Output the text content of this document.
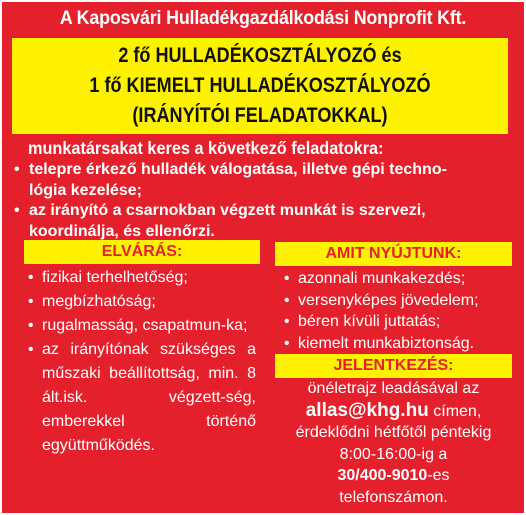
A Kaposvári Hulladékgazdálkodási Nonprofit Kft.
2 fő HULLADÉKOSZTÁLYOZÓ és
1 fő KIEMELT HULLADÉKOSZTÁLYOZÓ
(IRÁNYÍTÓI FELADATOKKAL)
munkatársakat keres a következő feladatokra:
• telepre érkező hulladék válogatása, illetve gépi techno-
lógia kezelése;
• az irányító a csarnokban végzett munkát is szervezi,
koordinálja, és ellenőrzi.
ELVÁRÁS:
• fizikai terhelhetőség;
• megbízhatóság;
• rugalmasság, csapatmun-ka;
• az irányítónak szükséges a műszaki beállítottság, min. 8 ált.isk. végzett-ség, emberekkel történő együttműködés.
AMIT NYÚJTUNK:
• azonnali munkakezdés;
• versenyképes jövedelem;
• béren kívüli juttatás;
• kiemelt munkabiztonság.
JELENTKEZÉS:
önéletrajz leadásával az
allas@khg.hu címen,
érdeklődni hétfőtől péntekig
8:00-16:00-ig a
30/400-9010-es
telefonszámon.
